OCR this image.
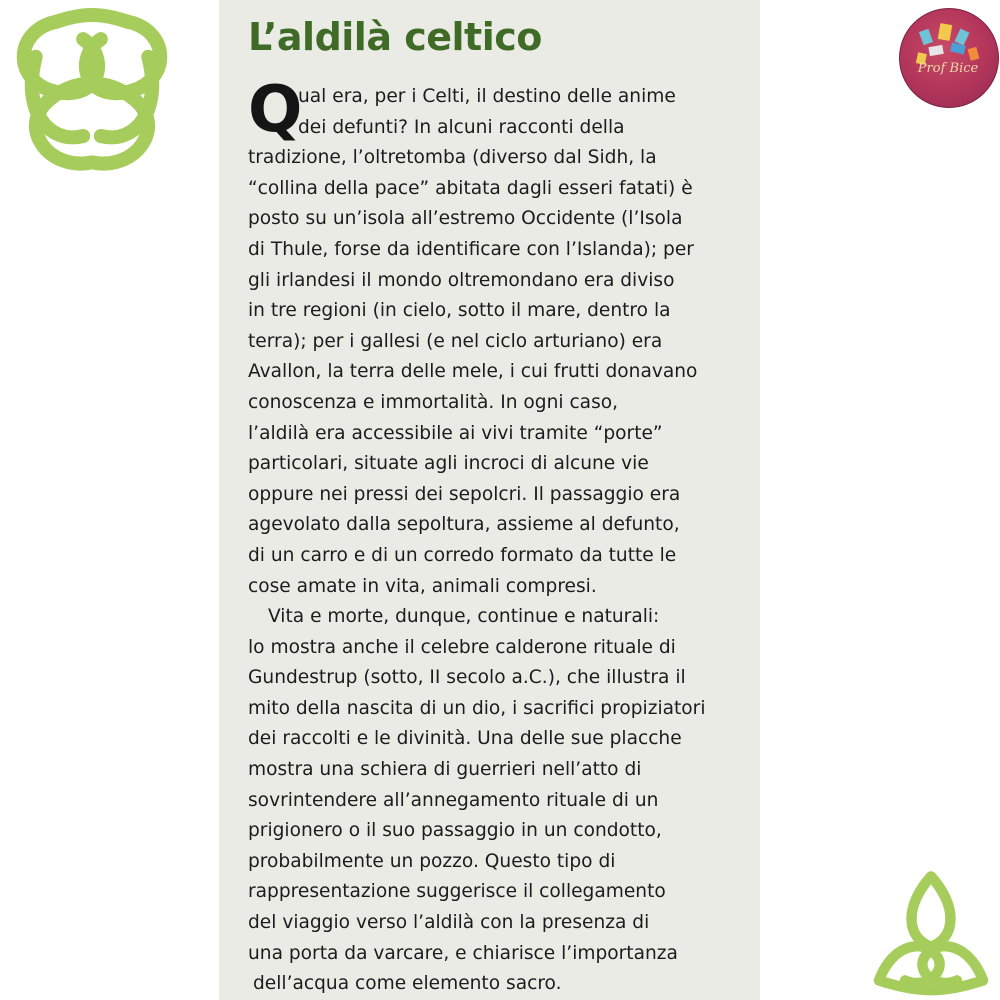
Prof Bice
L’aldilà celtico
Q
ual era, per i Celti, il destino delle anime
dei defunti? In alcuni racconti della
tradizione, l’oltretomba (diverso dal Sidh, la
“collina della pace” abitata dagli esseri fatati) è
posto su un’isola all’estremo Occidente (l’Isola
di Thule, forse da identificare con l’Islanda); per
gli irlandesi il mondo oltremondano era diviso
in tre regioni (in cielo, sotto il mare, dentro la
terra); per i gallesi (e nel ciclo arturiano) era
Avallon, la terra delle mele, i cui frutti donavano
conoscenza e immortalità. In ogni caso,
l’aldilà era accessibile ai vivi tramite “porte”
particolari, situate agli incroci di alcune vie
oppure nei pressi dei sepolcri. Il passaggio era
agevolato dalla sepoltura, assieme al defunto,
di un carro e di un corredo formato da tutte le
cose amate in vita, animali compresi.
Vita e morte, dunque, continue e naturali:
lo mostra anche il celebre calderone rituale di
Gundestrup (sotto, II secolo a.C.), che illustra il
mito della nascita di un dio, i sacrifici propiziatori
dei raccolti e le divinità. Una delle sue placche
mostra una schiera di guerrieri nell’atto di
sovrintendere all’annegamento rituale di un
prigionero o il suo passaggio in un condotto,
probabilmente un pozzo. Questo tipo di
rappresentazione suggerisce il collegamento
del viaggio verso l’aldilà con la presenza di
una porta da varcare, e chiarisce l’importanza
dell’acqua come elemento sacro.
